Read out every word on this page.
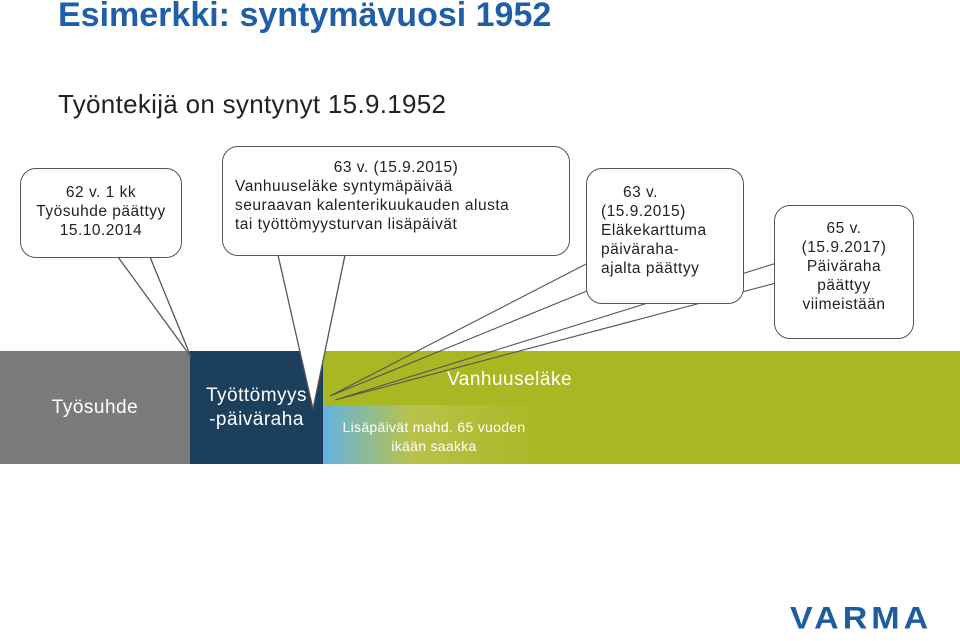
Esimerkki: syntymävuosi 1952
Työntekijä on syntynyt 15.9.1952
Työsuhde
Työttömyys
-päiväraha
Vanhuuseläke
Lisäpäivät mahd. 65 vuoden
ikään saakka
62 v. 1 kk
Työsuhde päättyy
15.10.2014
63 v. (15.9.2015)
Vanhuuseläke syntymäpäivää
seuraavan kalenterikuukauden alusta
tai työttömyysturvan lisäpäivät
63 v.
(15.9.2015)
Eläkekarttuma
päiväraha-
ajalta päättyy
65 v.
(15.9.2017)
Päiväraha
päättyy
viimeistään
VARMA
